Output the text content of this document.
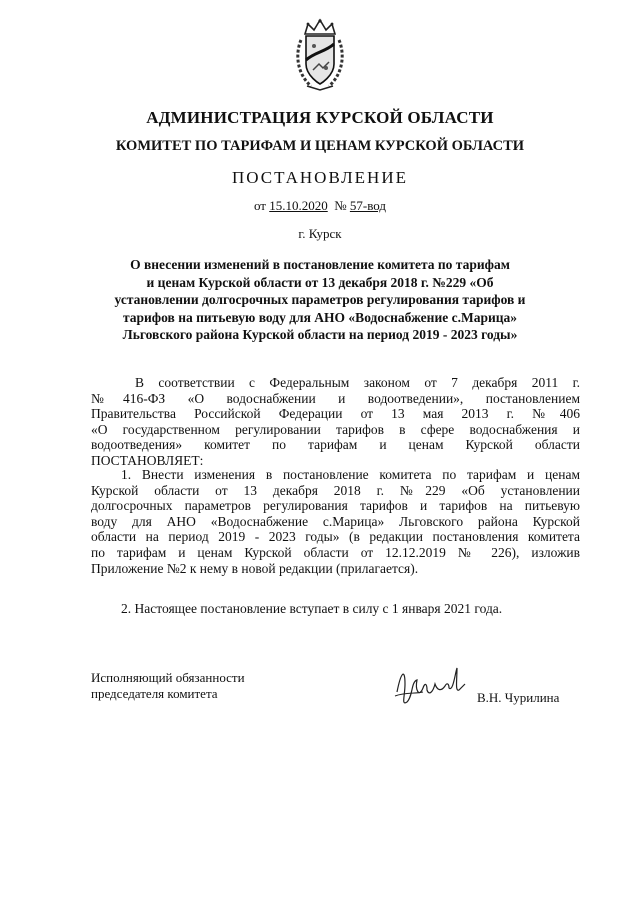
АДМИНИСТРАЦИЯ КУРСКОЙ ОБЛАСТИ
КОМИТЕТ ПО ТАРИФАМ И ЦЕНАМ КУРСКОЙ ОБЛАСТИ
ПОСТАНОВЛЕНИЕ
от 15.10.2020 № 57-вод
г. Курск
О внесении изменений в постановление комитета по тарифам
и ценам Курской области от 13 декабря 2018 г. №229 «Об
установлении долгосрочных параметров регулирования тарифов и
тарифов на питьевую воду для АНО «Водоснабжение с.Марица»
Льговского района Курской области на период 2019 - 2023 годы»
В соответствии с Федеральным законом от 7 декабря 2011 г.
№416-ФЗ «О водоснабжении и водоотведении», постановлением
Правительства Российской Федерации от 13 мая 2013 г. №406
«О государственном регулировании тарифов в сфере водоснабжения и
водоотведения» комитет по тарифам и ценам Курской области
ПОСТАНОВЛЯЕТ:
1. Внести изменения в постановление комитета по тарифам и ценам
Курской области от 13 декабря 2018 г. №229 «Об установлении
долгосрочных параметров регулирования тарифов и тарифов на питьевую
воду для АНО «Водоснабжение с.Марица» Льговского района Курской
области на период 2019 - 2023 годы» (в редакции постановления комитета
по тарифам и ценам Курской области от 12.12.2019 № 226), изложив
Приложение №2 к нему в новой редакции (прилагается).
2. Настоящее постановление вступает в силу с 1 января 2021 года.
Исполняющий обязанности
председателя комитета	В.Н. Чурилина
